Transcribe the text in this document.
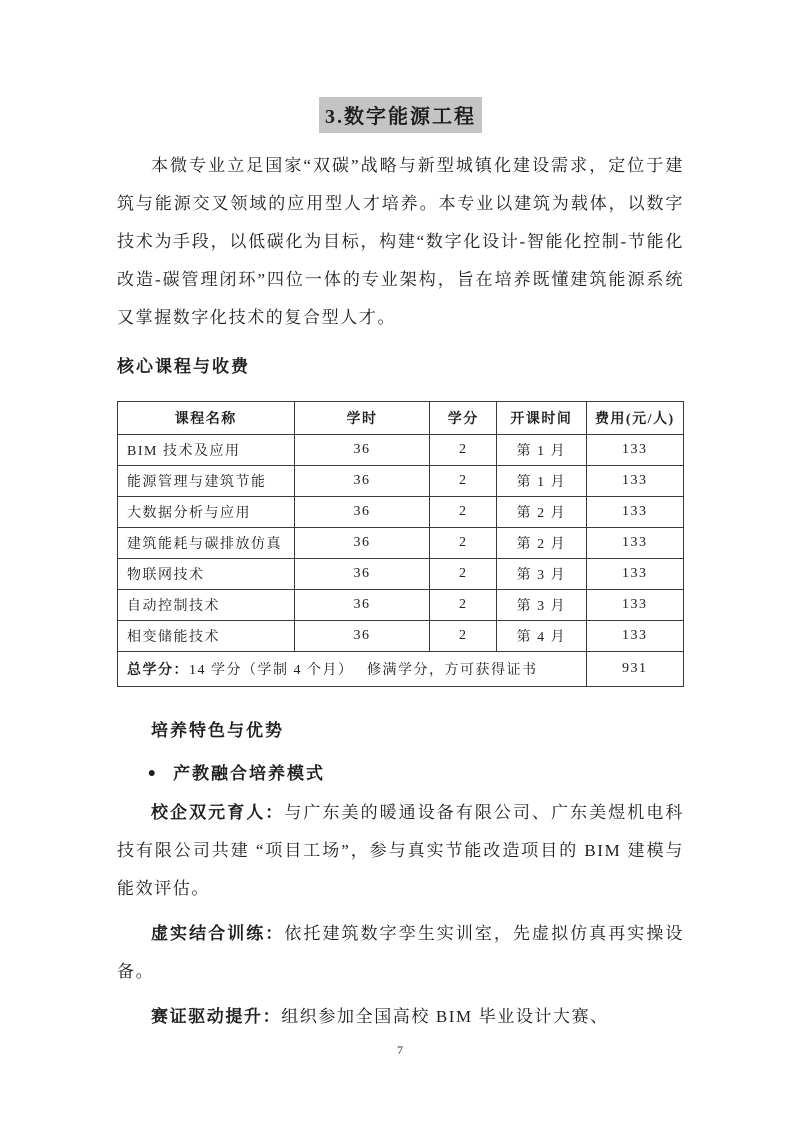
3.数字能源工程

本微专业立足国家“双碳”战略与新型城镇化建设需求，定位于建筑与能源交叉领域的应用型人才培养。本专业以建筑为载体，以数字技术为手段，以低碳化为目标，构建“数字化设计-智能化控制-节能化改造-碳管理闭环”四位一体的专业架构，旨在培养既懂建筑能源系统又掌握数字化技术的复合型人才。

核心课程与收费
课程名称	学时	学分	开课时间	费用(元/人)
BIM 技术及应用	36	2	第 1 月	133
能源管理与建筑节能	36	2	第 1 月	133
大数据分析与应用	36	2	第 2 月	133
建筑能耗与碳排放仿真	36	2	第 2 月	133
物联网技术	36	2	第 3 月	133
自动控制技术	36	2	第 3 月	133
相变储能技术	36	2	第 4 月	133
总学分：14 学分（学制 4 个月）　 修满学分，方可获得证书				931
培养特色与优势
● 产教融合培养模式

校企双元育人：与广东美的暖通设备有限公司、广东美煜机电科技有限公司共建 “项目工场”，参与真实节能改造项目的 BIM 建模与能效评估。

虚实结合训练：依托建筑数字孪生实训室，先虚拟仿真再实操设备。

赛证驱动提升：组织参加全国高校 BIM 毕业设计大赛、

7
